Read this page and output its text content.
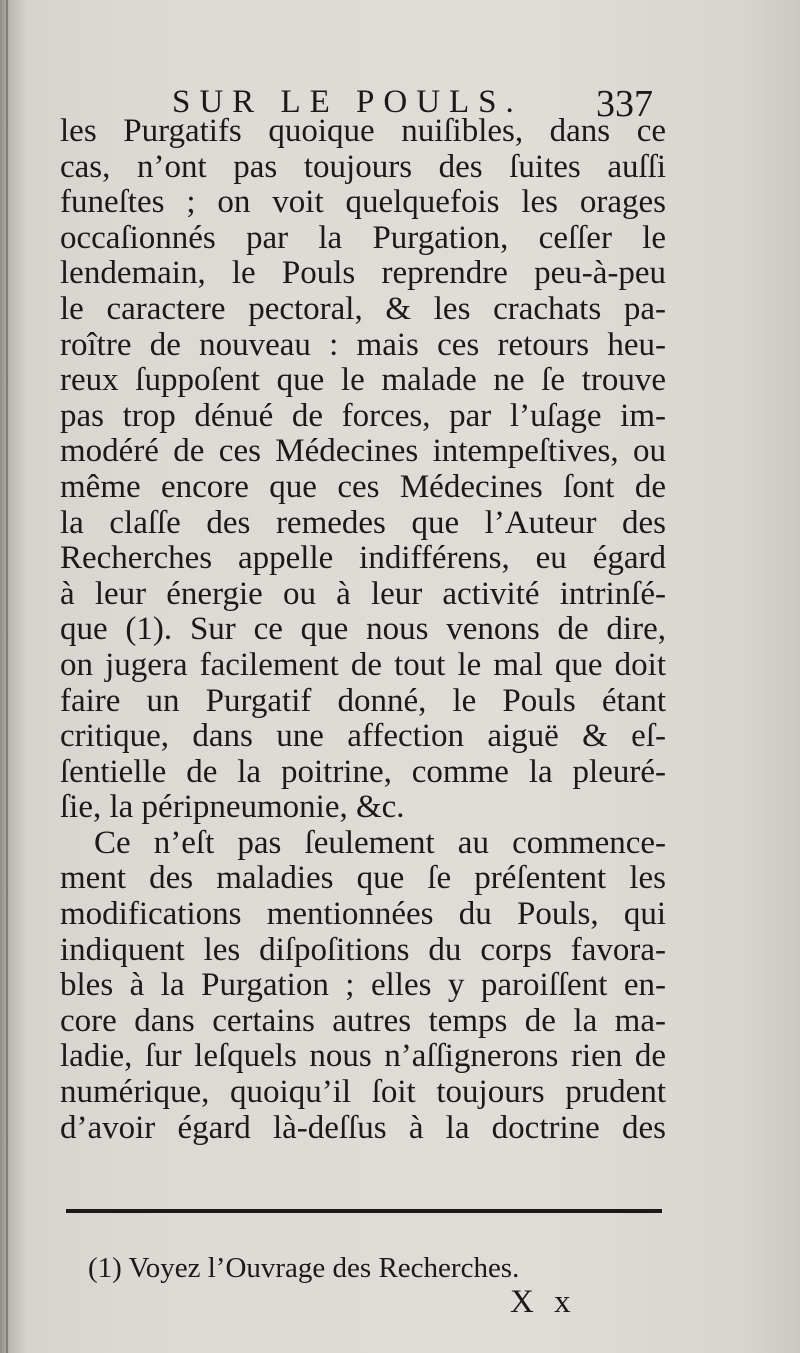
SUR LE POULS. 337
les Purgatifs quoique nuiſibles, dans ce
cas, n’ont pas toujours des ſuites auſſi
funeſtes ; on voit quelquefois les orages
occaſionnés par la Purgation, ceſſer le
lendemain, le Pouls reprendre peu-à-peu
le caractere pectoral, & les crachats pa-
roître de nouveau : mais ces retours heu-
reux ſuppoſent que le malade ne ſe trouve
pas trop dénué de forces, par l’uſage im-
modéré de ces Médecines intempeſtives, ou
même encore que ces Médecines ſont de
la claſſe des remedes que l’Auteur des
Recherches appelle indifférens, eu égard
à leur énergie ou à leur activité intrinſé-
que (1). Sur ce que nous venons de dire,
on jugera facilement de tout le mal que doit
faire un Purgatif donné, le Pouls étant
critique, dans une affection aiguë & eſ-
ſentielle de la poitrine, comme la pleuré-
ſie, la péripneumonie, &c.
Ce n’eſt pas ſeulement au commence-
ment des maladies que ſe préſentent les
modifications mentionnées du Pouls, qui
indiquent les diſpoſitions du corps favora-
bles à la Purgation ; elles y paroiſſent en-
core dans certains autres temps de la ma-
ladie, ſur leſquels nous n’aſſignerons rien de
numérique, quoiqu’il ſoit toujours prudent
d’avoir égard là-deſſus à la doctrine des
(1) Voyez l’Ouvrage des Recherches.
X x
